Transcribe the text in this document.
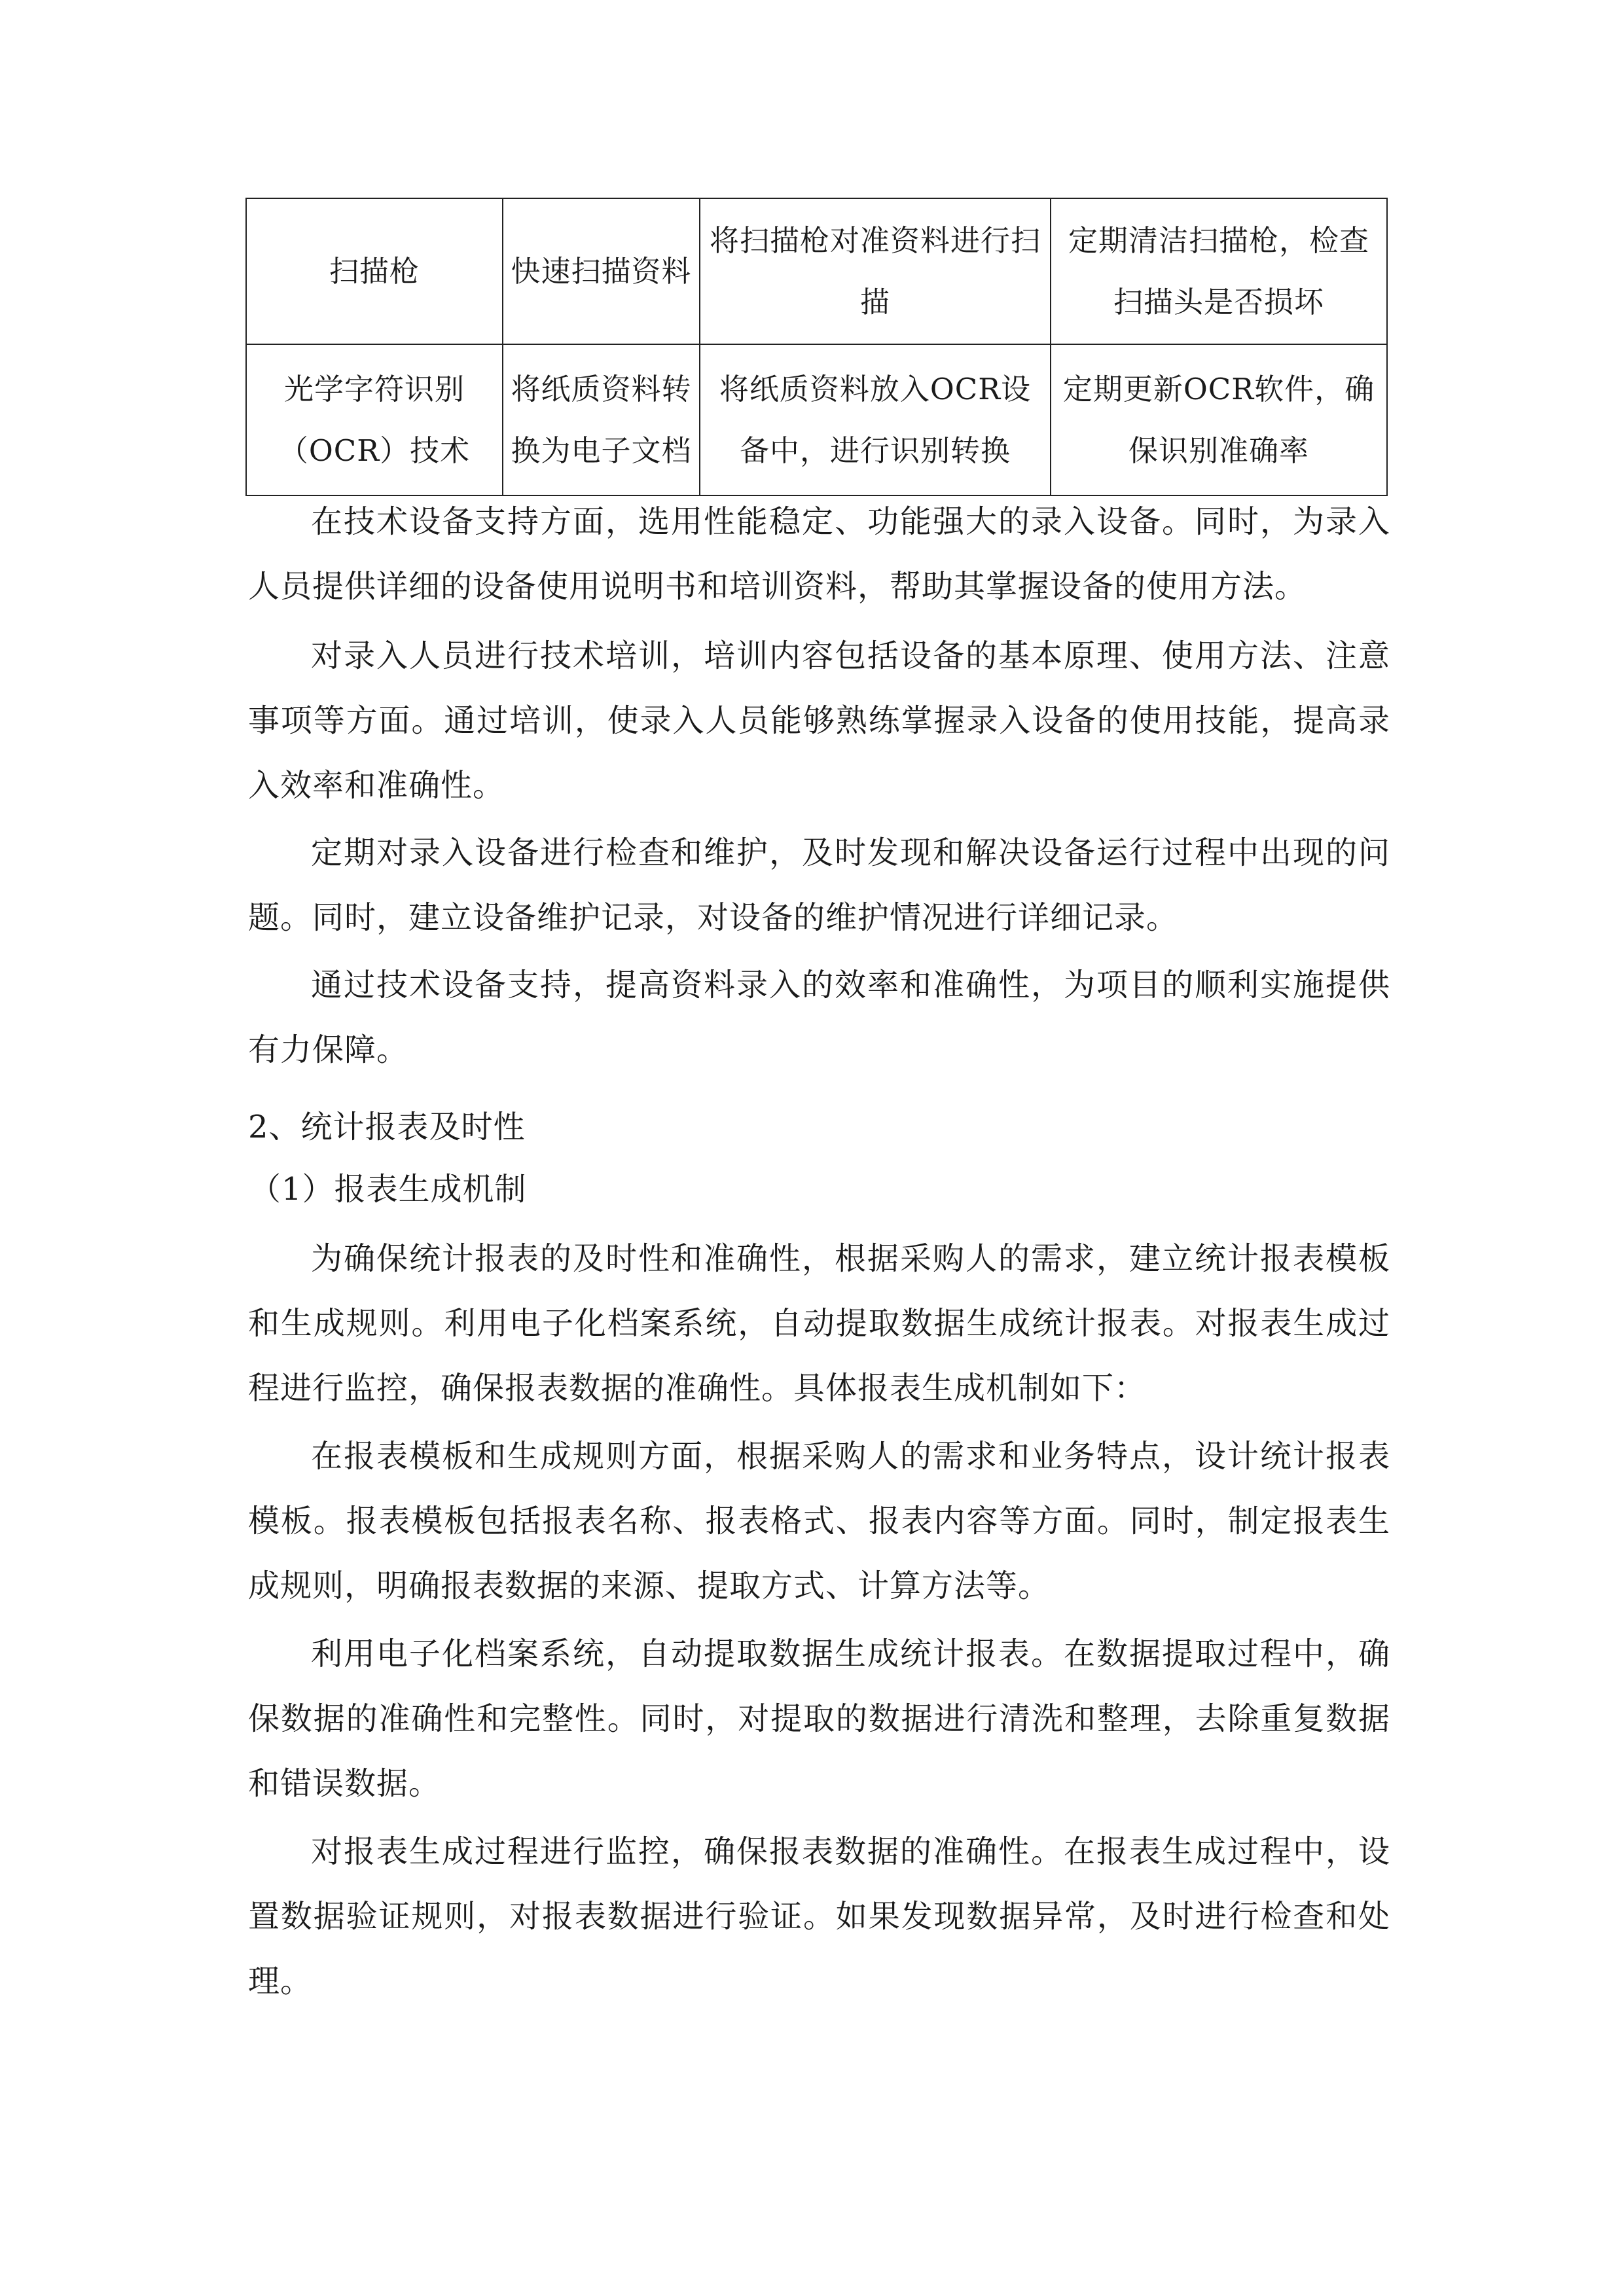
扫描枪	快速扫描资料	将扫描枪对准资料进行扫描	定期清洁扫描枪，检查扫描头是否损坏
光学字符识别（OCR）技术	将纸质资料转换为电子文档	将纸质资料放入OCR设备中，进行识别转换	定期更新OCR软件，确保识别准确率

在技术设备支持方面，选用性能稳定、功能强大的录入设备。同时，为录入人员提供详细的设备使用说明书和培训资料，帮助其掌握设备的使用方法。

对录入人员进行技术培训，培训内容包括设备的基本原理、使用方法、注意事项等方面。通过培训，使录入人员能够熟练掌握录入设备的使用技能，提高录入效率和准确性。

定期对录入设备进行检查和维护，及时发现和解决设备运行过程中出现的问题。同时，建立设备维护记录，对设备的维护情况进行详细记录。

通过技术设备支持，提高资料录入的效率和准确性，为项目的顺利实施提供有力保障。

2、统计报表及时性
（1）报表生成机制

为确保统计报表的及时性和准确性，根据采购人的需求，建立统计报表模板和生成规则。利用电子化档案系统，自动提取数据生成统计报表。对报表生成过程进行监控，确保报表数据的准确性。具体报表生成机制如下：

在报表模板和生成规则方面，根据采购人的需求和业务特点，设计统计报表模板。报表模板包括报表名称、报表格式、报表内容等方面。同时，制定报表生成规则，明确报表数据的来源、提取方式、计算方法等。

利用电子化档案系统，自动提取数据生成统计报表。在数据提取过程中，确保数据的准确性和完整性。同时，对提取的数据进行清洗和整理，去除重复数据和错误数据。

对报表生成过程进行监控，确保报表数据的准确性。在报表生成过程中，设置数据验证规则，对报表数据进行验证。如果发现数据异常，及时进行检查和处理。
